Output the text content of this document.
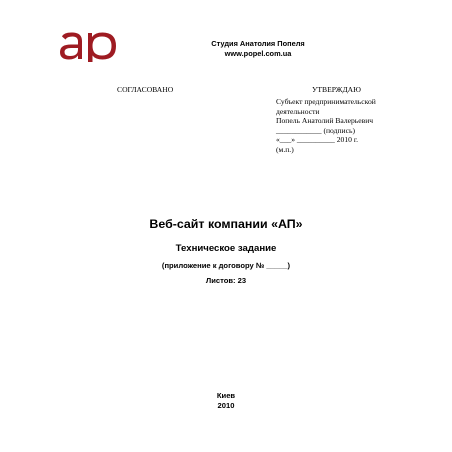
Студия Анатолия Попеля
www.popel.com.ua
СОГЛАСОВАНО	УТВЕРЖДАЮ
Субъект предпринимательской
деятельности
Попель Анатолий Валерьевич
____________ (подпись)
«___» __________ 2010 г.
(м.п.)
Веб-сайт компании «АП»
Техническое задание
(приложение к договору № _____)
Листов: 23
Киев
2010
